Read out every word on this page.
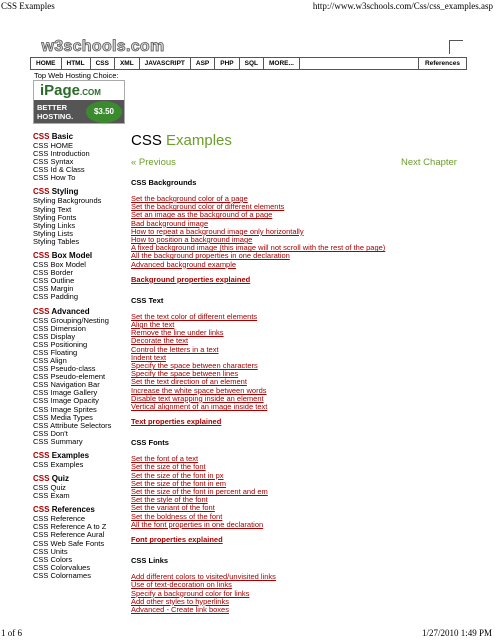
CSS Examples	http://www.w3schools.com/Css/css_examples.asp
w3schools.com
HOME	HTML	CSS	XML	JAVASCRIPT	ASP	PHP	SQL	MORE...	References
Top Web Hosting Choice:
iPage.COM
BETTER
HOSTING.
$3.50
CSS Basic
CSS HOME
CSS Introduction
CSS Syntax
CSS Id & Class
CSS How To
CSS Styling
Styling Backgrounds
Styling Text
Styling Fonts
Styling Links
Styling Lists
Styling Tables
CSS Box Model
CSS Box Model
CSS Border
CSS Outline
CSS Margin
CSS Padding
CSS Advanced
CSS Grouping/Nesting
CSS Dimension
CSS Display
CSS Positioning
CSS Floating
CSS Align
CSS Pseudo-class
CSS Pseudo-element
CSS Navigation Bar
CSS Image Gallery
CSS Image Opacity
CSS Image Sprites
CSS Media Types
CSS Attribute Selectors
CSS Don't
CSS Summary
CSS Examples
CSS Examples
CSS Quiz
CSS Quiz
CSS Exam
CSS References
CSS Reference
CSS Reference A to Z
CSS Reference Aural
CSS Web Safe Fonts
CSS Units
CSS Colors
CSS Colorvalues
CSS Colornames
CSS Examples
« Previous	Next Chapter
CSS Backgrounds
Set the background color of a page
Set the background color of different elements
Set an image as the background of a page
Bad background image
How to repeat a background image only horizontally
How to position a background image
A fixed background image (this image will not scroll with the rest of the page)
All the background properties in one declaration
Advanced background example
Background properties explained
CSS Text
Set the text color of different elements
Align the text
Remove the line under links
Decorate the text
Control the letters in a text
Indent text
Specify the space between characters
Specify the space between lines
Set the text direction of an element
Increase the white space between words
Disable text wrapping inside an element
Vertical alignment of an image inside text
Text properties explained
CSS Fonts
Set the font of a text
Set the size of the font
Set the size of the font in px
Set the size of the font in em
Set the size of the font in percent and em
Set the style of the font
Set the variant of the font
Set the boldness of the font
All the font properties in one declaration
Font properties explained
CSS Links
Add different colors to visited/unvisited links
Use of text-decoration on links
Specify a background color for links
Add other styles to hyperlinks
Advanced - Create link boxes
1 of 6	1/27/2010 1:49 PM
